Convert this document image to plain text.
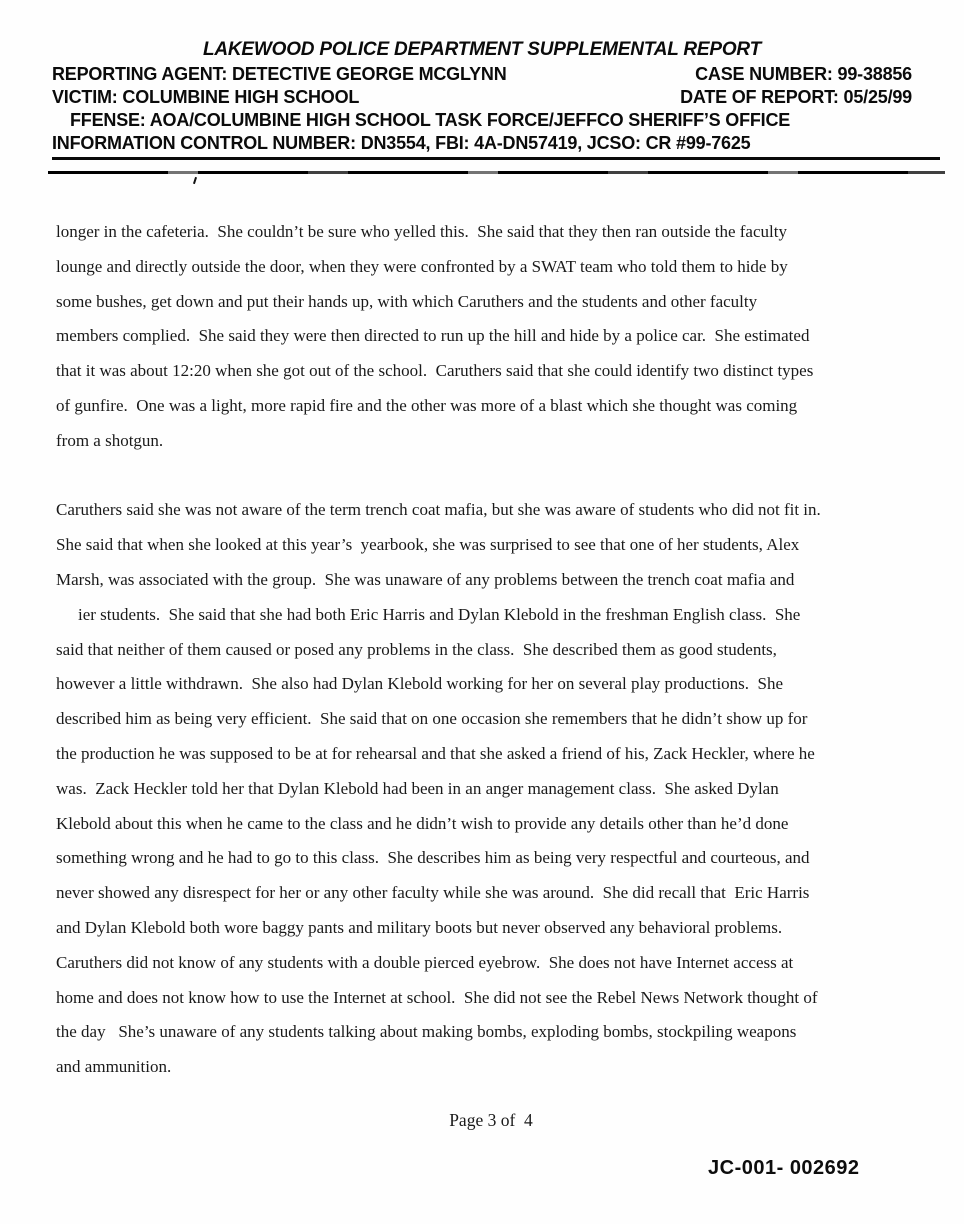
LAKEWOOD POLICE DEPARTMENT SUPPLEMENTAL REPORT
REPORTING AGENT: DETECTIVE GEORGE MCGLYNN	CASE NUMBER: 99-38856
VICTIM: COLUMBINE HIGH SCHOOL	DATE OF REPORT: 05/25/99
FFENSE: AOA/COLUMBINE HIGH SCHOOL TASK FORCE/JEFFCO SHERIFF’S OFFICE
INFORMATION CONTROL NUMBER: DN3554, FBI: 4A-DN57419, JCSO: CR #99-7625
longer in the cafeteria.  She couldn’t be sure who yelled this.  She said that they then ran outside the faculty
lounge and directly outside the door, when they were confronted by a SWAT team who told them to hide by
some bushes, get down and put their hands up, with which Caruthers and the students and other faculty
members complied.  She said they were then directed to run up the hill and hide by a police car.  She estimated
that it was about 12:20 when she got out of the school.  Caruthers said that she could identify two distinct types
of gunfire.  One was a light, more rapid fire and the other was more of a blast which she thought was coming
from a shotgun.
Caruthers said she was not aware of the term trench coat mafia, but she was aware of students who did not fit in.
She said that when she looked at this year’s  yearbook, she was surprised to see that one of her students, Alex
Marsh, was associated with the group.  She was unaware of any problems between the trench coat mafia and
ier students.  She said that she had both Eric Harris and Dylan Klebold in the freshman English class.  She
said that neither of them caused or posed any problems in the class.  She described them as good students,
however a little withdrawn.  She also had Dylan Klebold working for her on several play productions.  She
described him as being very efficient.  She said that on one occasion she remembers that he didn’t show up for
the production he was supposed to be at for rehearsal and that she asked a friend of his, Zack Heckler, where he
was.  Zack Heckler told her that Dylan Klebold had been in an anger management class.  She asked Dylan
Klebold about this when he came to the class and he didn’t wish to provide any details other than he’d done
something wrong and he had to go to this class.  She describes him as being very respectful and courteous, and
never showed any disrespect for her or any other faculty while she was around.  She did recall that  Eric Harris
and Dylan Klebold both wore baggy pants and military boots but never observed any behavioral problems.
Caruthers did not know of any students with a double pierced eyebrow.  She does not have Internet access at
home and does not know how to use the Internet at school.  She did not see the Rebel News Network thought of
the day   She’s unaware of any students talking about making bombs, exploding bombs, stockpiling weapons
and ammunition.
Page 3 of  4
JC-001- 002692
